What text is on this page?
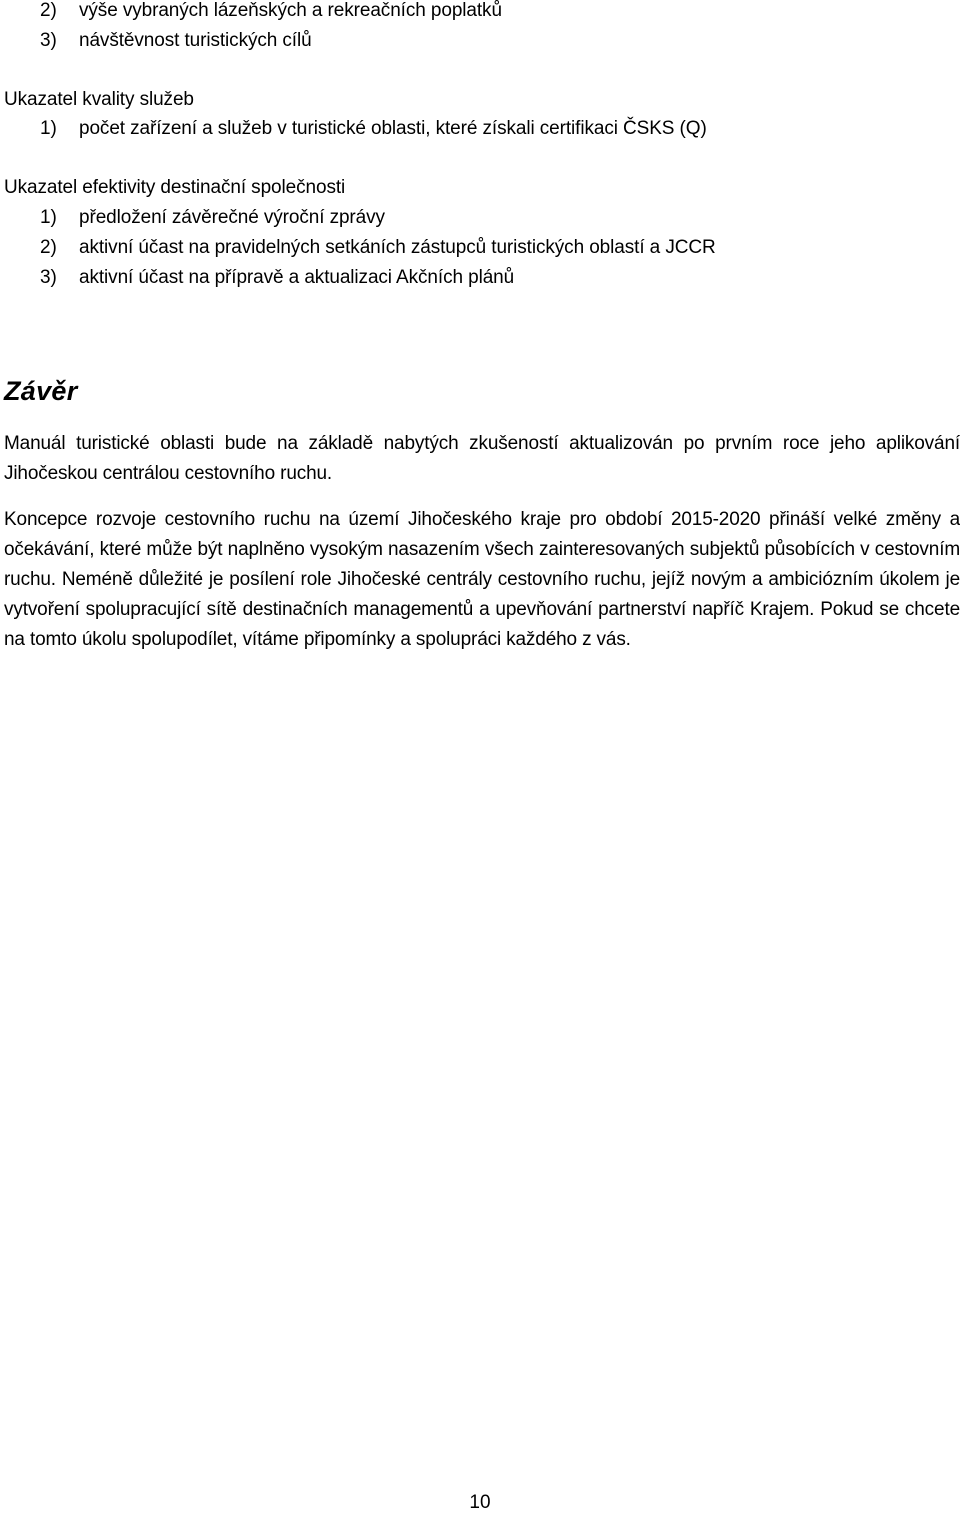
2) výše vybraných lázeňských a rekreačních poplatků
3) návštěvnost turistických cílů
Ukazatel kvality služeb
1) počet zařízení a služeb v turistické oblasti, které získali certifikaci ČSKS (Q)
Ukazatel efektivity destinační společnosti
1) předložení závěrečné výroční zprávy
2) aktivní účast na pravidelných setkáních zástupců turistických oblastí a JCCR
3) aktivní účast na přípravě a aktualizaci Akčních plánů
Závěr

Manuál turistické oblasti bude na základě nabytých zkušeností aktualizován po prvním roce jeho aplikování Jihočeskou centrálou cestovního ruchu.

Koncepce rozvoje cestovního ruchu na území Jihočeského kraje pro období 2015-2020 přináší velké změny a očekávání, které může být naplněno vysokým nasazením všech zainteresovaných subjektů působících v cestovním ruchu. Neméně důležité je posílení role Jihočeské centrály cestovního ruchu, jejíž novým a ambiciózním úkolem je vytvoření spolupracující sítě destinačních managementů a upevňování partnerství napříč Krajem. Pokud se chcete na tomto úkolu spolupodílet, vítáme připomínky a spolupráci každého z vás.

10
